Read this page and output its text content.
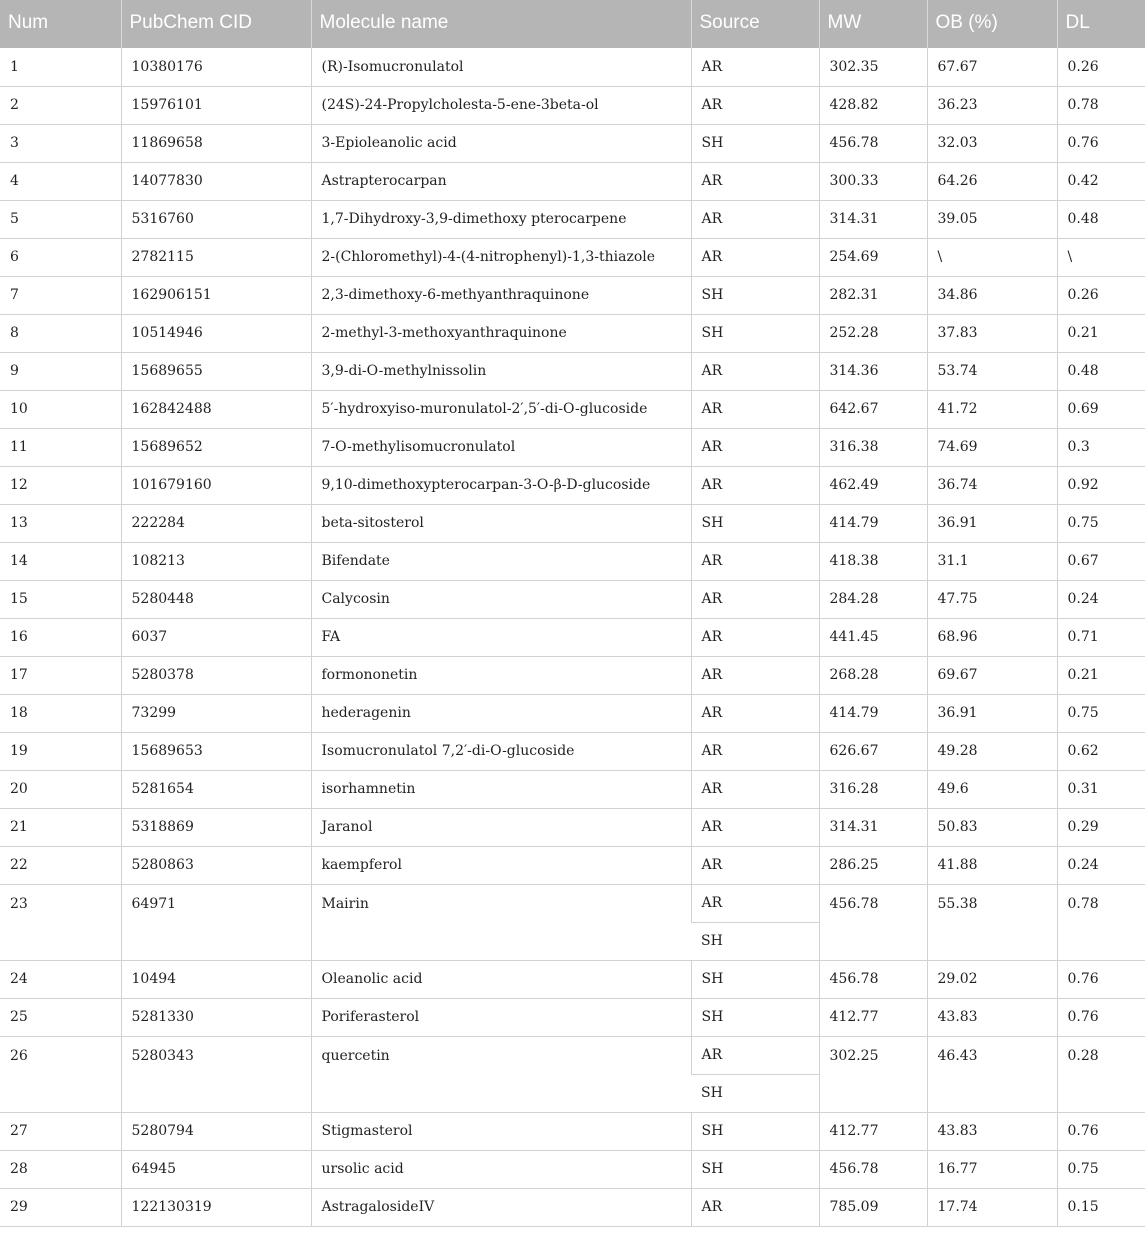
Num	PubChem CID	Molecule name	Source	MW	OB (%)	DL
1	10380176	(R)-Isomucronulatol	AR	302.35	67.67	0.26
2	15976101	(24S)-24-Propylcholesta-5-ene-3beta-ol	AR	428.82	36.23	0.78
3	11869658	3-Epioleanolic acid	SH	456.78	32.03	0.76
4	14077830	Astrapterocarpan	AR	300.33	64.26	0.42
5	5316760	1,7-Dihydroxy-3,9-dimethoxy pterocarpene	AR	314.31	39.05	0.48
6	2782115	2-(Chloromethyl)-4-(4-nitrophenyl)-1,3-thiazole	AR	254.69	\	\
7	162906151	2,3-dimethoxy-6-methyanthraquinone	SH	282.31	34.86	0.26
8	10514946	2-methyl-3-methoxyanthraquinone	SH	252.28	37.83	0.21
9	15689655	3,9-di-O-methylnissolin	AR	314.36	53.74	0.48
10	162842488	5′-hydroxyiso-muronulatol-2′,5′-di-O-glucoside	AR	642.67	41.72	0.69
11	15689652	7-O-methylisomucronulatol	AR	316.38	74.69	0.3
12	101679160	9,10-dimethoxypterocarpan-3-O-β-D-glucoside	AR	462.49	36.74	0.92
13	222284	beta-sitosterol	SH	414.79	36.91	0.75
14	108213	Bifendate	AR	418.38	31.1	0.67
15	5280448	Calycosin	AR	284.28	47.75	0.24
16	6037	FA	AR	441.45	68.96	0.71
17	5280378	formononetin	AR	268.28	69.67	0.21
18	73299	hederagenin	AR	414.79	36.91	0.75
19	15689653	Isomucronulatol 7,2′-di-O-glucoside	AR	626.67	49.28	0.62
20	5281654	isorhamnetin	AR	316.28	49.6	0.31
21	5318869	Jaranol	AR	314.31	50.83	0.29
22	5280863	kaempferol	AR	286.25	41.88	0.24
23	64971	Mairin	AR	456.78	55.38	0.78
			SH			
24	10494	Oleanolic acid	SH	456.78	29.02	0.76
25	5281330	Poriferasterol	SH	412.77	43.83	0.76
26	5280343	quercetin	AR	302.25	46.43	0.28
			SH			
27	5280794	Stigmasterol	SH	412.77	43.83	0.76
28	64945	ursolic acid	SH	456.78	16.77	0.75
29	122130319	AstragalosideIV	AR	785.09	17.74	0.15
